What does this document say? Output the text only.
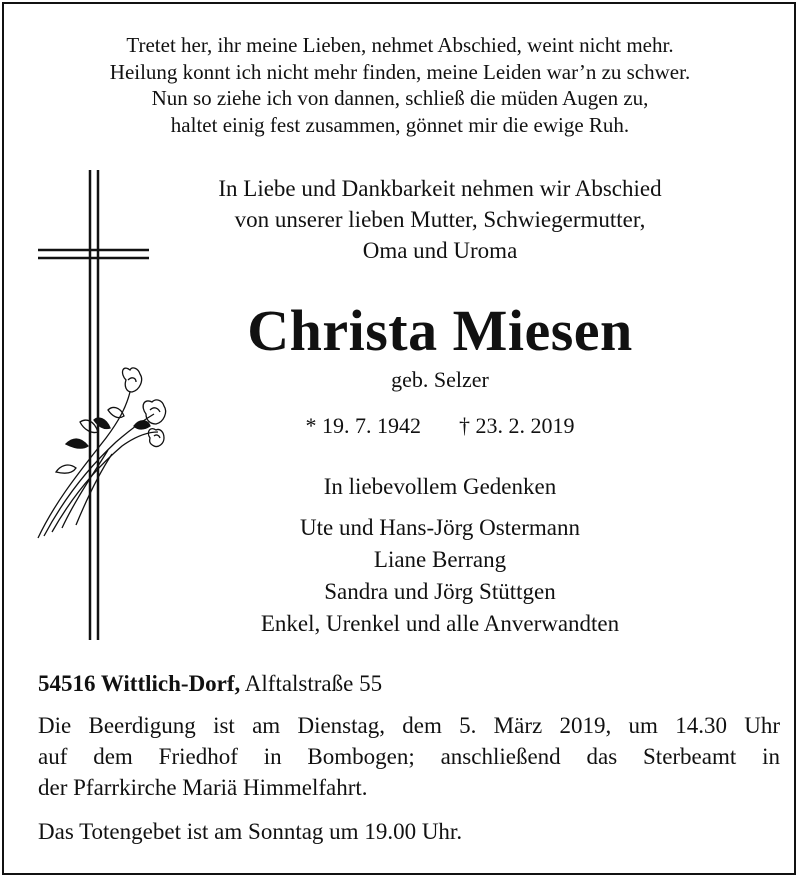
Tretet her, ihr meine Lieben, nehmet Abschied, weint nicht mehr.
Heilung konnt ich nicht mehr finden, meine Leiden war’n zu schwer.
Nun so ziehe ich von dannen, schließ die müden Augen zu,
haltet einig fest zusammen, gönnet mir die ewige Ruh.
In Liebe und Dankbarkeit nehmen wir Abschied
von unserer lieben Mutter, Schwiegermutter,
Oma und Uroma
Christa Miesen
geb. Selzer
* 19. 7. 1942 † 23. 2. 2019
In liebevollem Gedenken
Ute und Hans-Jörg Ostermann
Liane Berrang
Sandra und Jörg Stüttgen
Enkel, Urenkel und alle Anverwandten
54516 Wittlich-Dorf, Alftalstraße 55
Die Beerdigung ist am Dienstag, dem 5. März 2019, um 14.30 Uhr
auf dem Friedhof in Bombogen; anschließend das Sterbeamt in
der Pfarrkirche Mariä Himmelfahrt.
Das Totengebet ist am Sonntag um 19.00 Uhr.
